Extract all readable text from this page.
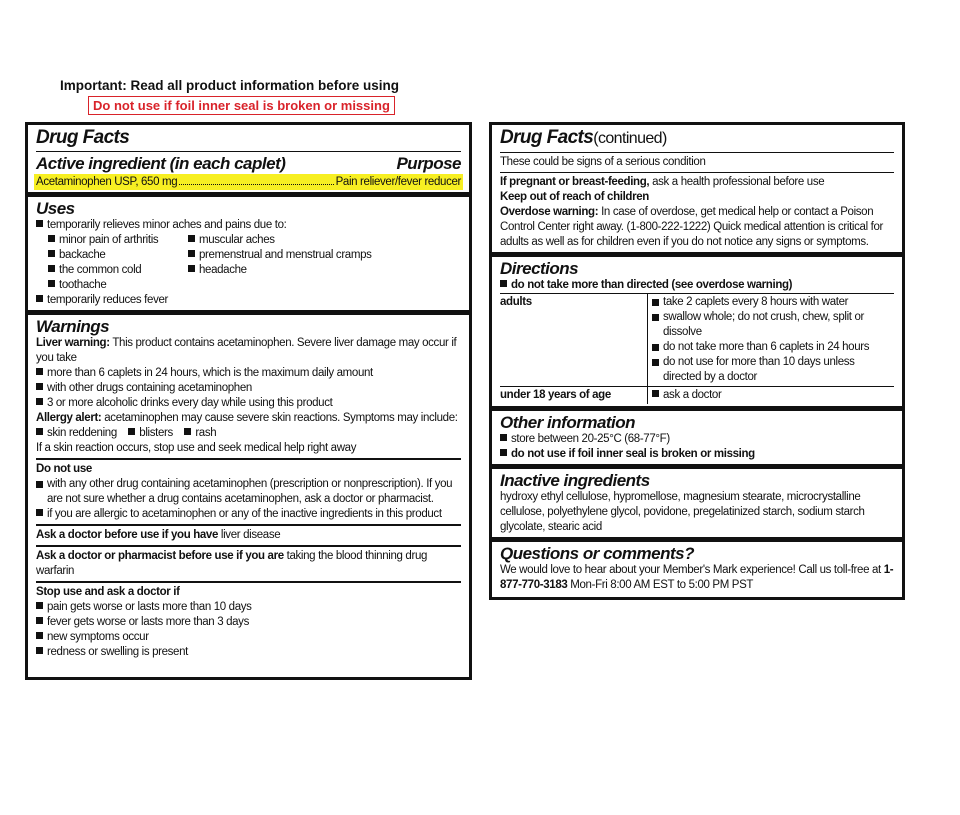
Important: Read all product information before using
Do not use if foil inner seal is broken or missing
Drug Facts
Active ingredient (in each caplet)	Purpose
Acetaminophen USP, 650 mg	Pain reliever/fever reducer
Uses
temporarily relieves minor aches and pains due to:
minor pain of arthritis
backache
the common cold
toothache
muscular aches
premenstrual and menstrual cramps
headache
temporarily reduces fever
Warnings
Liver warning: This product contains acetaminophen. Severe liver damage may occur if you take
more than 6 caplets in 24 hours, which is the maximum daily amount
with other drugs containing acetaminophen
3 or more alcoholic drinks every day while using this product
Allergy alert: acetaminophen may cause severe skin reactions. Symptoms may include:
skin reddening blisters rash
If a skin reaction occurs, stop use and seek medical help right away
Do not use
with any other drug containing acetaminophen (prescription or nonprescription). If you are not sure whether a drug contains acetaminophen, ask a doctor or pharmacist.
if you are allergic to acetaminophen or any of the inactive ingredients in this product
Ask a doctor before use if you have liver disease
Ask a doctor or pharmacist before use if you are taking the blood thinning drug warfarin
Stop use and ask a doctor if
pain gets worse or lasts more than 10 days
fever gets worse or lasts more than 3 days
new symptoms occur
redness or swelling is present
Drug Facts(continued)
These could be signs of a serious condition
If pregnant or breast-feeding, ask a health professional before use
Keep out of reach of children
Overdose warning: In case of overdose, get medical help or contact a Poison Control Center right away. (1-800-222-1222) Quick medical attention is critical for adults as well as for children even if you do not notice any signs or symptoms.
Directions
do not take more than directed (see overdose warning)
adults	take 2 caplets every 8 hours with water
swallow whole; do not crush, chew, split or dissolve
do not take more than 6 caplets in 24 hours
do not use for more than 10 days unless directed by a doctor
under 18 years of age	ask a doctor
Other information
store between 20-25°C (68-77°F)
do not use if foil inner seal is broken or missing
Inactive ingredients
hydroxy ethyl cellulose, hypromellose, magnesium stearate, microcrystalline cellulose, polyethylene glycol, povidone, pregelatinized starch, sodium starch glycolate, stearic acid
Questions or comments?
We would love to hear about your Member's Mark experience! Call us toll-free at 1-877-770-3183 Mon-Fri 8:00 AM EST to 5:00 PM PST
